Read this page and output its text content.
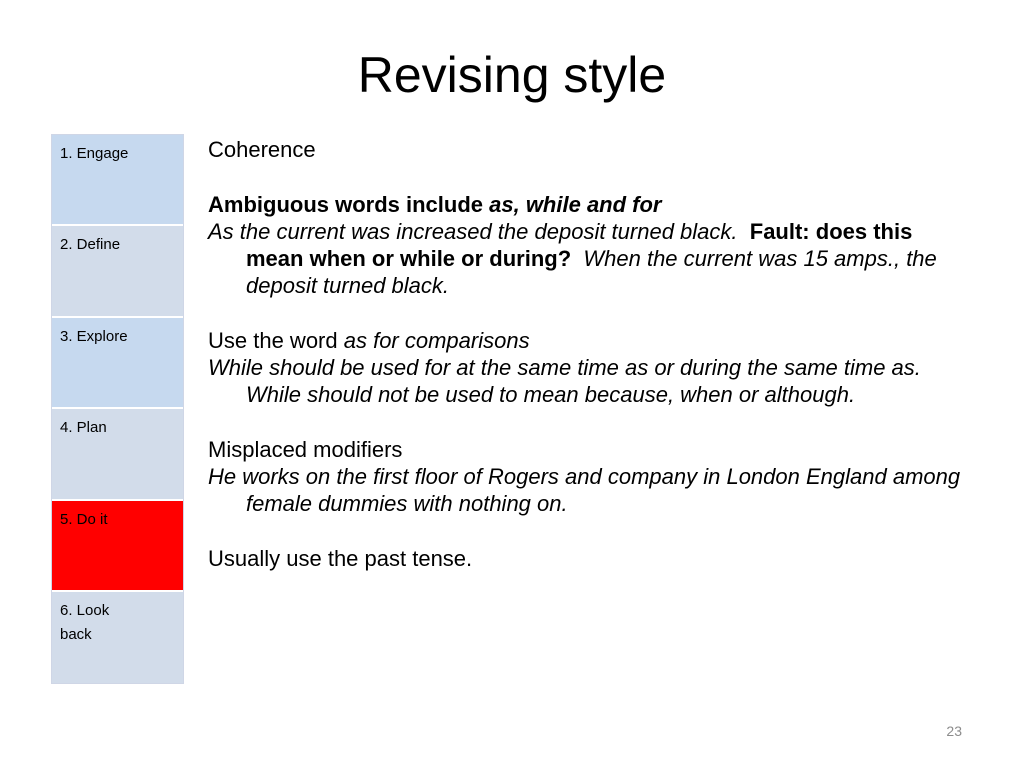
Revising style
1. Engage
2. Define
3. Explore
4. Plan
5. Do it
6. Look
back

Coherence

Ambiguous words include as, while and for

As the current was increased the deposit turned black. Fault: does this mean when or while or during? When the current was 15 amps., the deposit turned black.

Use the word as for comparisons

While should be used for at the same time as or during the same time as. While should not be used to mean because, when or although.

Misplaced modifiers

He works on the first floor of Rogers and company in London England among female dummies with nothing on.

Usually use the past tense.

23
